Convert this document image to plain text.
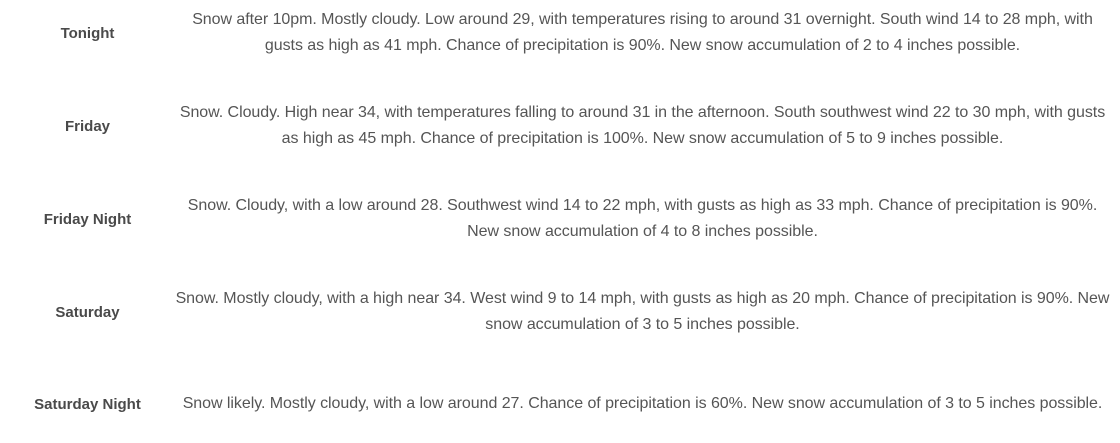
Tonight
Snow after 10pm. Mostly cloudy. Low around 29, with temperatures rising to around 31 overnight. South wind 14 to 28 mph, with gusts as high as 41 mph. Chance of precipitation is 90%. New snow accumulation of 2 to 4 inches possible.
Friday
Snow. Cloudy. High near 34, with temperatures falling to around 31 in the afternoon. South southwest wind 22 to 30 mph, with gusts as high as 45 mph. Chance of precipitation is 100%. New snow accumulation of 5 to 9 inches possible.
Friday Night
Snow. Cloudy, with a low around 28. Southwest wind 14 to 22 mph, with gusts as high as 33 mph. Chance of precipitation is 90%. New snow accumulation of 4 to 8 inches possible.
Saturday
Snow. Mostly cloudy, with a high near 34. West wind 9 to 14 mph, with gusts as high as 20 mph. Chance of precipitation is 90%. New snow accumulation of 3 to 5 inches possible.
Saturday Night	Snow likely. Mostly cloudy, with a low around 27. Chance of precipitation is 60%. New snow accumulation of 3 to 5 inches possible.
